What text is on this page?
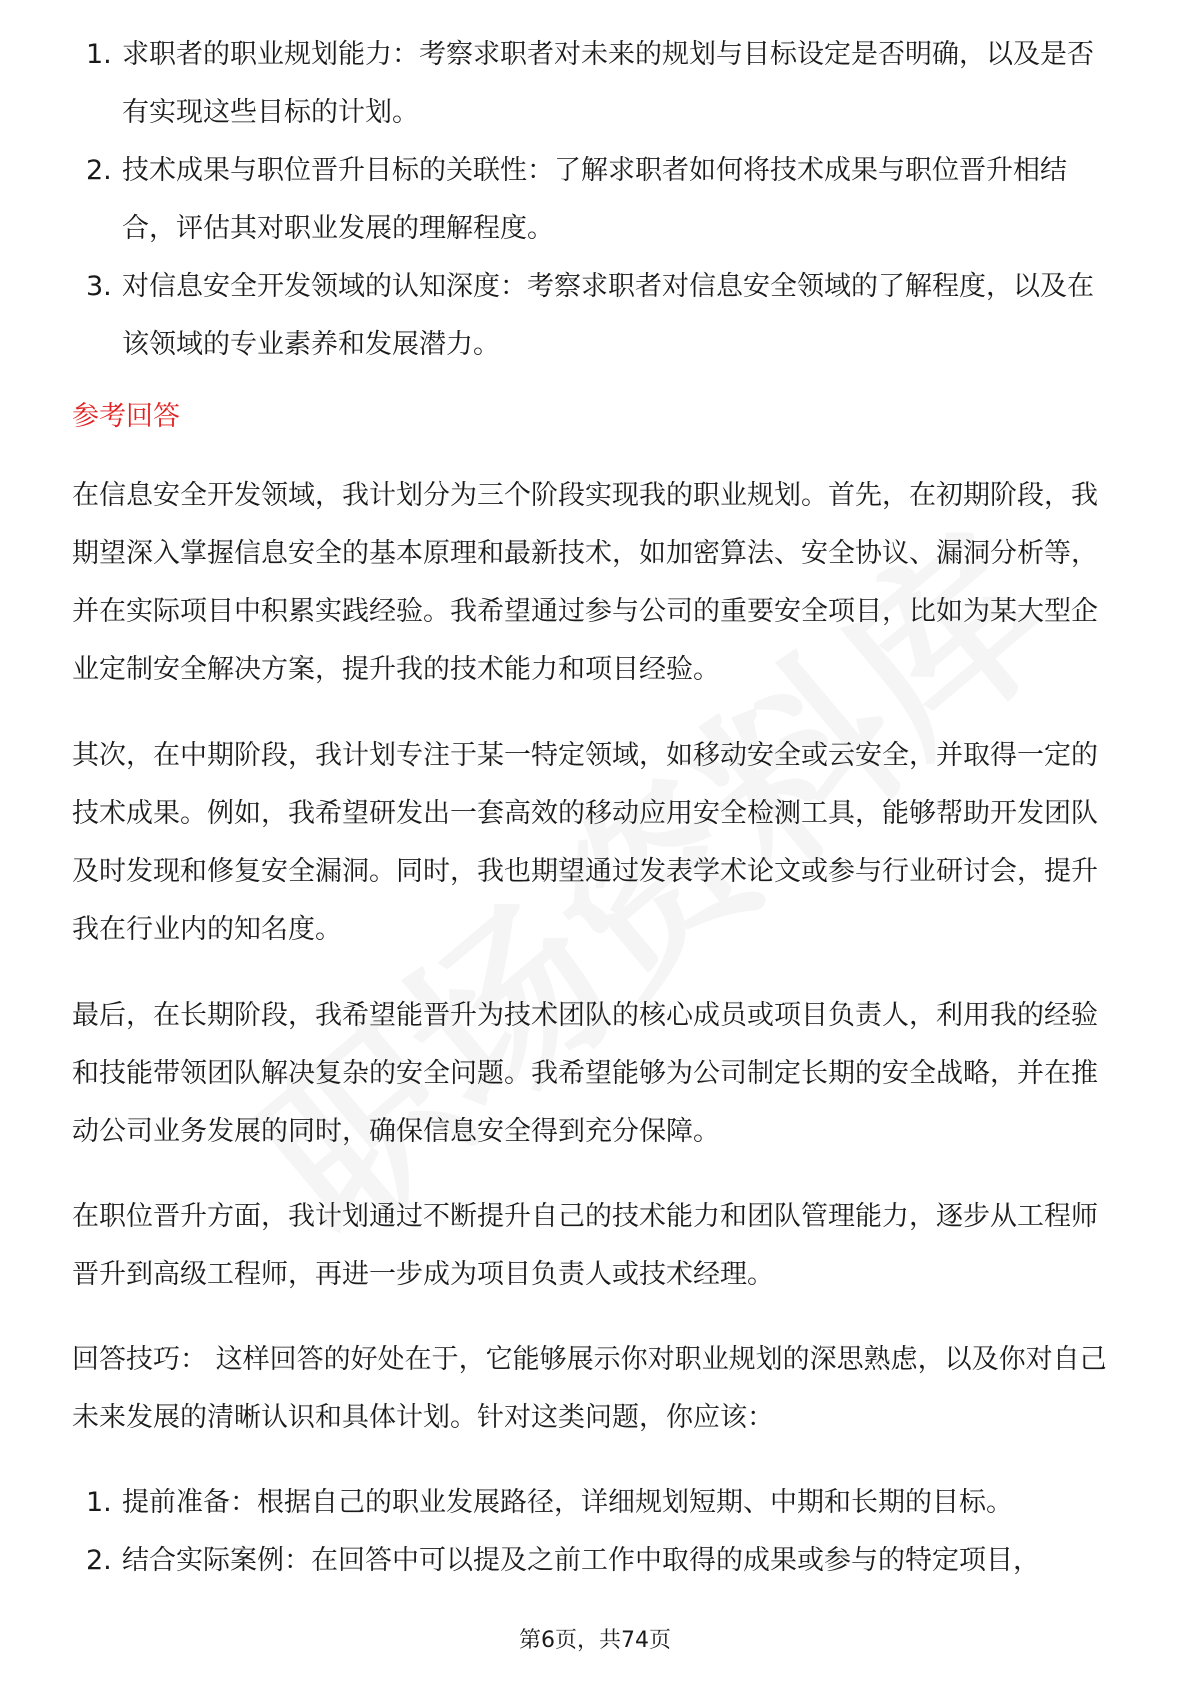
1. 求职者的职业规划能力：考察求职者对未来的规划与目标设定是否明确，以及是否有实现这些目标的计划。
2. 技术成果与职位晋升目标的关联性：了解求职者如何将技术成果与职位晋升相结合，评估其对职业发展的理解程度。
3. 对信息安全开发领域的认知深度：考察求职者对信息安全领域的了解程度，以及在该领域的专业素养和发展潜力。
参考回答

在信息安全开发领域，我计划分为三个阶段实现我的职业规划。首先，在初期阶段，我期望深入掌握信息安全的基本原理和最新技术，如加密算法、安全协议、漏洞分析等，并在实际项目中积累实践经验。我希望通过参与公司的重要安全项目，比如为某大型企业定制安全解决方案，提升我的技术能力和项目经验。

其次，在中期阶段，我计划专注于某一特定领域，如移动安全或云安全，并取得一定的技术成果。例如，我希望研发出一套高效的移动应用安全检测工具，能够帮助开发团队及时发现和修复安全漏洞。同时，我也期望通过发表学术论文或参与行业研讨会，提升我在行业内的知名度。

最后，在长期阶段，我希望能晋升为技术团队的核心成员或项目负责人，利用我的经验和技能带领团队解决复杂的安全问题。我希望能够为公司制定长期的安全战略，并在推动公司业务发展的同时，确保信息安全得到充分保障。

在职位晋升方面，我计划通过不断提升自己的技术能力和团队管理能力，逐步从工程师晋升到高级工程师，再进一步成为项目负责人或技术经理。

回答技巧： 这样回答的好处在于，它能够展示你对职业规划的深思熟虑，以及你对自己未来发展的清晰认识和具体计划。针对这类问题，你应该：

1. 提前准备：根据自己的职业发展路径，详细规划短期、中期和长期的目标。
2. 结合实际案例：在回答中可以提及之前工作中取得的成果或参与的特定项目，
第6页，共74页
